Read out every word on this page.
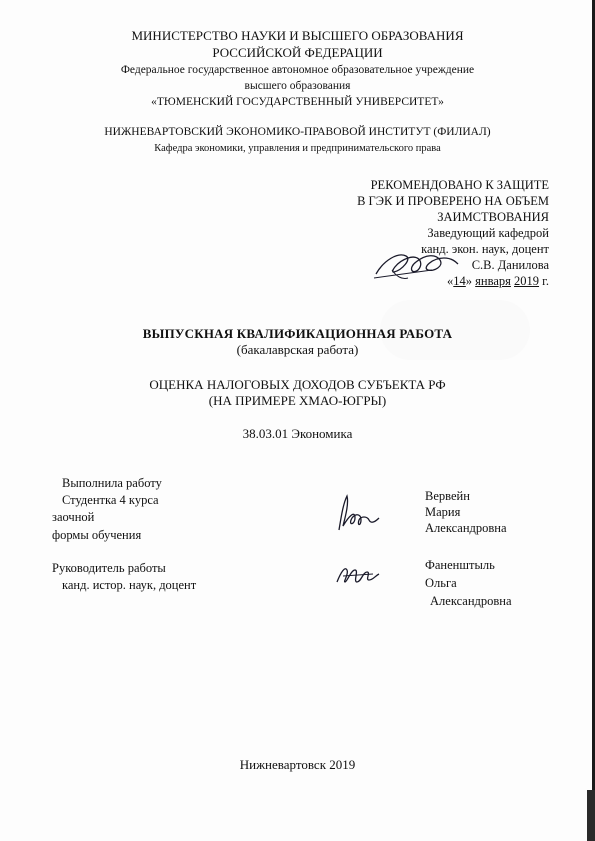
МИНИСТЕРСТВО НАУКИ И ВЫСШЕГО ОБРАЗОВАНИЯ
РОССИЙСКОЙ ФЕДЕРАЦИИ
Федеральное государственное автономное образовательное учреждение
высшего образования
«ТЮМЕНСКИЙ ГОСУДАРСТВЕННЫЙ УНИВЕРСИТЕТ»
НИЖНЕВАРТОВСКИЙ ЭКОНОМИКО-ПРАВОВОЙ ИНСТИТУТ (ФИЛИАЛ)
Кафедра экономики, управления и предпринимательского права
РЕКОМЕНДОВАНО К ЗАЩИТЕ
В ГЭК И ПРОВЕРЕНО НА ОБЪЕМ
ЗАИМСТВОВАНИЯ
Заведующий кафедрой
канд. экон. наук, доцент
С.В. Данилова
«14» января 2019 г.
ВЫПУСКНАЯ КВАЛИФИКАЦИОННАЯ РАБОТА
(бакалаврская работа)
ОЦЕНКА НАЛОГОВЫХ ДОХОДОВ СУБЪЕКТА РФ
(НА ПРИМЕРЕ ХМАО-ЮГРЫ)
38.03.01 Экономика
Выполнила работу
Студентка 4 курса
заочной
формы обучения
Вервейн
Мария
Александровна
Руководитель работы
канд. истор. наук, доцент
Фаненштыль
Ольга
Александровна
Нижневартовск 2019
